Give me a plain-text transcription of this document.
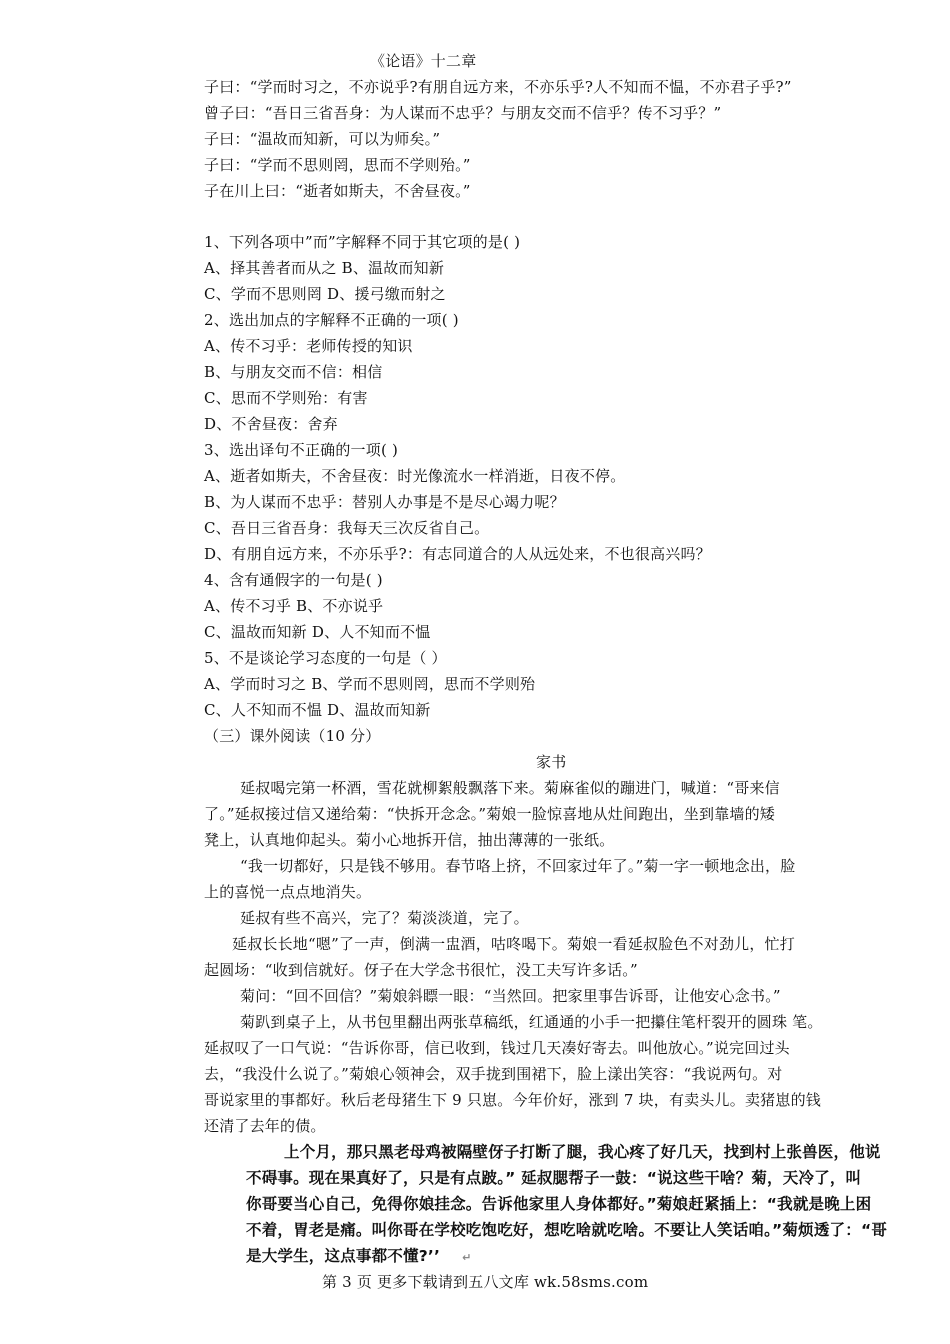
《论语》十二章
子曰：“学而时习之，不亦说乎?有朋自远方来，不亦乐乎?人不知而不愠，不亦君子乎?”
曾子曰：“吾日三省吾身：为人谋而不忠乎？与朋友交而不信乎？传不习乎？”
子曰：“温故而知新，可以为师矣。”
子曰：“学而不思则罔，思而不学则殆。”
子在川上曰：“逝者如斯夫，不舍昼夜。”
1、下列各项中”而”字解释不同于其它项的是( )
A、择其善者而从之 B、温故而知新
C、学而不思则罔 D、援弓缴而射之
2、选出加点的字解释不正确的一项( )
A、传不习乎：老师传授的知识
B、与朋友交而不信：相信
C、思而不学则殆：有害
D、不舍昼夜：舍弃
3、选出译句不正确的一项( )
A、逝者如斯夫，不舍昼夜：时光像流水一样消逝，日夜不停。
B、为人谋而不忠乎：替别人办事是不是尽心竭力呢？
C、吾日三省吾身：我每天三次反省自己。
D、有朋自远方来，不亦乐乎?：有志同道合的人从远处来，不也很高兴吗？
4、含有通假字的一句是( )
A、传不习乎 B、不亦说乎
C、温故而知新 D、人不知而不愠
5、不是谈论学习态度的一句是（ ）
A、学而时习之 B、学而不思则罔，思而不学则殆
C、人不知而不愠 D、温故而知新
（三）课外阅读（10 分）
家书
延叔喝完第一杯酒，雪花就柳絮般飘落下来。菊麻雀似的蹦进门，喊道：“哥来信
了。”延叔接过信又递给菊：“快拆开念念。”菊娘一脸惊喜地从灶间跑出，坐到靠墙的矮
凳上，认真地仰起头。菊小心地拆开信，抽出薄薄的一张纸。
“我一切都好，只是钱不够用。春节咯上挤，不回家过年了。”菊一字一顿地念出，脸
上的喜悦一点点地消失。
延叔有些不高兴，完了？菊淡淡道，完了。
延叔长长地“嗯”了一声，倒满一盅酒，咕咚喝下。菊娘一看延叔脸色不对劲儿，忙打
起圆场：“收到信就好。伢子在大学念书很忙，没工夫写许多话。”
菊问：“回不回信？”菊娘斜瞟一眼：“当然回。把家里事告诉哥，让他安心念书。”
菊趴到桌子上，从书包里翻出两张草稿纸，红通通的小手一把攥住笔杆裂开的圆珠 笔。
延叔叹了一口气说：“告诉你哥，信已收到，钱过几天凑好寄去。叫他放心。”说完回过头
去，“我没什么说了。”菊娘心领神会，双手拢到围裙下，脸上漾出笑容：“我说两句。对
哥说家里的事都好。秋后老母猪生下 9 只崽。今年价好，涨到 7 块，有卖头儿。卖猪崽的钱
还清了去年的债。
上个月，那只黑老母鸡被隔壁伢子打断了腿，我心疼了好几天，找到村上张兽医，他说
不碍事。现在果真好了，只是有点跛。” 延叔腮帮子一鼓：“说这些干啥？菊，天冷了，叫
你哥要当心自己，免得你娘挂念。告诉他家里人身体都好。”菊娘赶紧插上：“我就是晚上困
不着，胃老是痛。叫你哥在学校吃饱吃好，想吃啥就吃啥。不要让人笑话咱。”菊烦透了：“哥
是大学生，这点事都不懂?’’ ↵
第 3 页 更多下载请到五八文库 wk.58sms.com
